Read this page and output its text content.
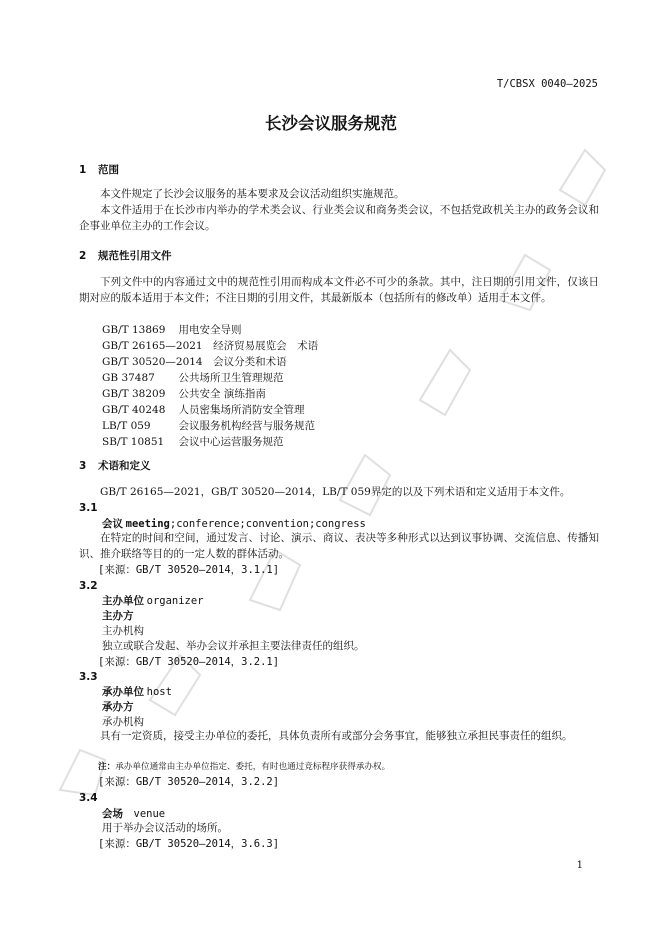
T/CBSX 0040—2025
长沙会议服务规范
1 范围
本文件规定了长沙会议服务的基本要求及会议活动组织实施规范。
本文件适用于在长沙市内举办的学术类会议、行业类会议和商务类会议，不包括党政机关主办的政务会议和企事业单位主办的工作会议。
2 规范性引用文件
下列文件中的内容通过文中的规范性引用而构成本文件必不可少的条款。其中，注日期的引用文件，仅该日期对应的版本适用于本文件；不注日期的引用文件，其最新版本（包括所有的修改单）适用于本文件。
GB/T 13869　 用电安全导则
GB/T 26165—2021　 经济贸易展览会　术语
GB/T 30520—2014　 会议分类和术语
GB 37487　 公共场所卫生管理规范
GB/T 38209　 公共安全 演练指南
GB/T 40248　 人员密集场所消防安全管理
LB/T 059　	会议服务机构经营与服务规范
SB/T 10851　 会议中心运营服务规范
3 术语和定义
GB/T 26165—2021，GB/T 30520—2014，LB/T 059界定的以及下列术语和定义适用于本文件。
3.1
会议 meeting;conference;convention;congress
在特定的时间和空间，通过发言、讨论、演示、商议、表决等多种形式以达到议事协调、交流信息、传播知识、推介联络等目的的一定人数的群体活动。
[来源：GB/T 30520—2014，3.1.1]
3.2
主办单位 organizer
主办方
主办机构
独立或联合发起、举办会议并承担主要法律责任的组织。
[来源：GB/T 30520—2014，3.2.1]
3.3
承办单位 host
承办方
承办机构
具有一定资质，接受主办单位的委托，具体负责所有或部分会务事宜，能够独立承担民事责任的组织。
注：承办单位通常由主办单位指定、委托，有时也通过竞标程序获得承办权。
[来源：GB/T 30520—2014，3.2.2]
3.4
会场　 venue
用于举办会议活动的场所。
[来源：GB/T 30520—2014，3.6.3]
1
